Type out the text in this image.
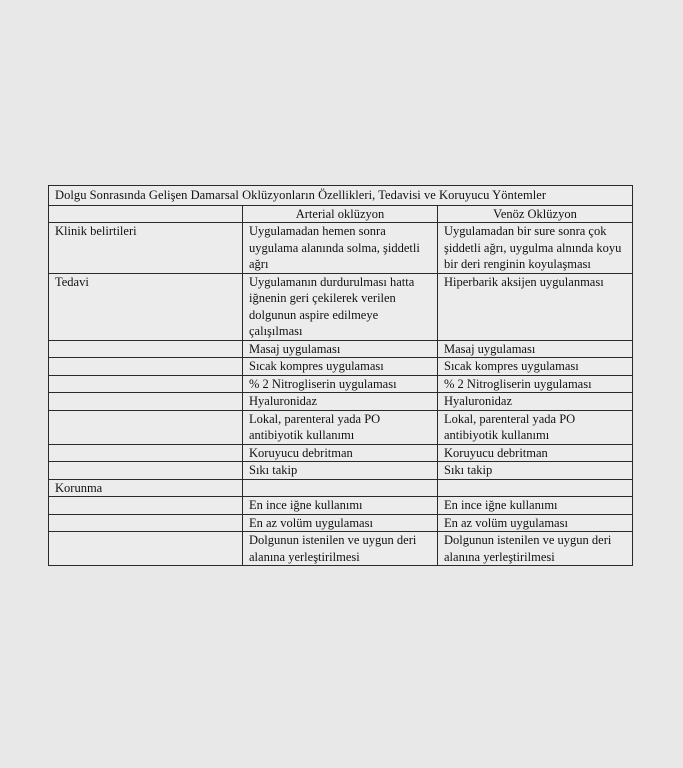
Dolgu Sonrasında Gelişen Damarsal Oklüzyonların Özellikleri, Tedavisi ve Koruyucu Yöntemler		
	Arterial oklüzyon	Venöz Oklüzyon
Klinik belirtileri	Uygulamadan hemen sonra uygulama alanında solma, şiddetli ağrı	Uygulamadan bir sure sonra çok şiddetli ağrı, uygulma alnında koyu bir deri renginin koyulaşması
Tedavi	Uygulamanın durdurulması hatta iğnenin geri çekilerek verilen dolgunun aspire edilmeye çalışılması	Hiperbarik aksijen uygulanması
	Masaj uygulaması	Masaj uygulaması
	Sıcak kompres uygulaması	Sıcak kompres uygulaması
	% 2 Nitrogliserin uygulaması	% 2 Nitrogliserin uygulaması
	Hyaluronidaz	Hyaluronidaz
	Lokal, parenteral yada PO antibiyotik kullanımı	Lokal, parenteral yada PO antibiyotik kullanımı
	Koruyucu debritman	Koruyucu debritman
	Sıkı takip	Sıkı takip
Korunma		
	En ince iğne kullanımı	En ince iğne kullanımı
	En az volüm uygulaması	En az volüm uygulaması
	Dolgunun istenilen ve uygun deri alanına yerleştirilmesi	Dolgunun istenilen ve uygun deri alanına yerleştirilmesi
